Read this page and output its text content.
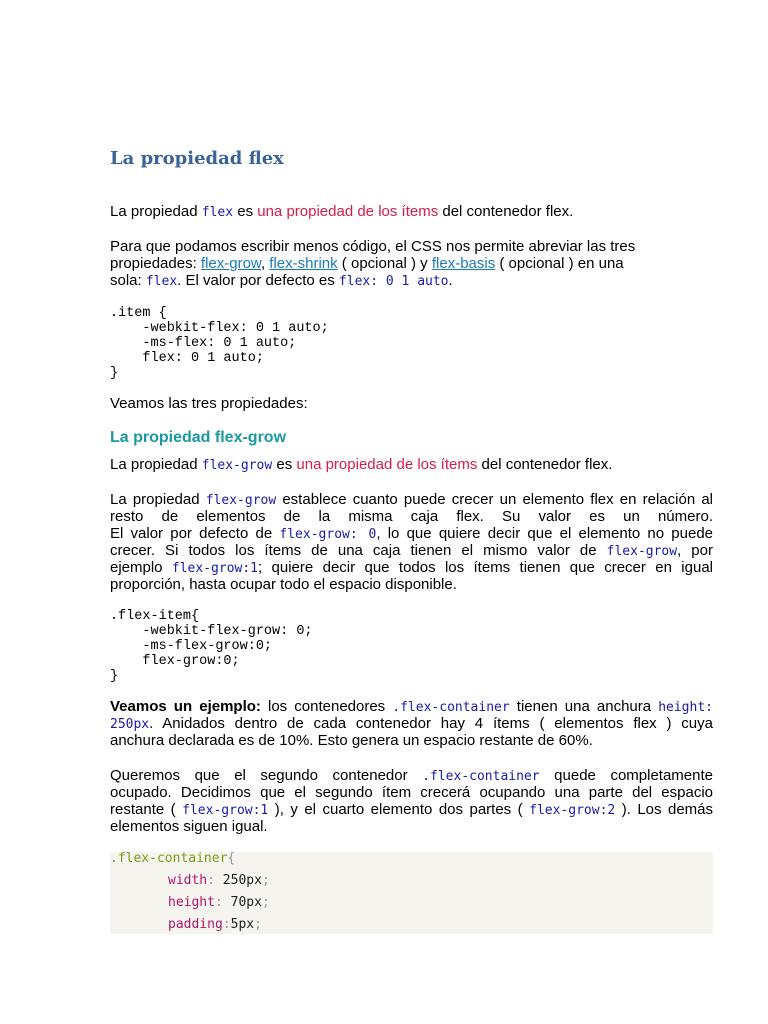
La propiedad flex

La propiedad flex es una propiedad de los ítems del contenedor flex.

Para que podamos escribir menos código, el CSS nos permite abreviar las tres

propiedades: flex-grow, flex-shrink ( opcional ) y flex-basis ( opcional ) en una

sola: flex. El valor por defecto es flex: 0 1 auto.

.item {
-webkit-flex: 0 1 auto;
-ms-flex: 0 1 auto;
flex: 0 1 auto;
}

Veamos las tres propiedades:

La propiedad flex-grow

La propiedad flex-grow es una propiedad de los ítems del contenedor flex.

La propiedad flex-grow establece cuanto puede crecer un elemento flex en relación al

resto de elementos de la misma caja flex. Su valor es un número.

El valor por defecto de flex-grow: 0, lo que quiere decir que el elemento no puede

crecer. Si todos los ítems de una caja tienen el mismo valor de flex-grow, por

ejemplo flex-grow:1; quiere decir que todos los ítems tienen que crecer en igual

proporción, hasta ocupar todo el espacio disponible.

.flex-item{
-webkit-flex-grow: 0;
-ms-flex-grow:0;
flex-grow:0;
}

Veamos un ejemplo: los contenedores .flex-container tienen una anchura height:

250px. Anidados dentro de cada contenedor hay 4 ítems ( elementos flex ) cuya

anchura declarada es de 10%. Esto genera un espacio restante de 60%.

Queremos que el segundo contenedor .flex-container quede completamente

ocupado. Decidimos que el segundo ítem crecerá ocupando una parte del espacio

restante ( flex-grow:1 ), y el cuarto elemento dos partes ( flex-grow:2 ). Los demás

elementos siguen igual.

.flex-container{
width: 250px;
height: 70px;
padding:5px;
